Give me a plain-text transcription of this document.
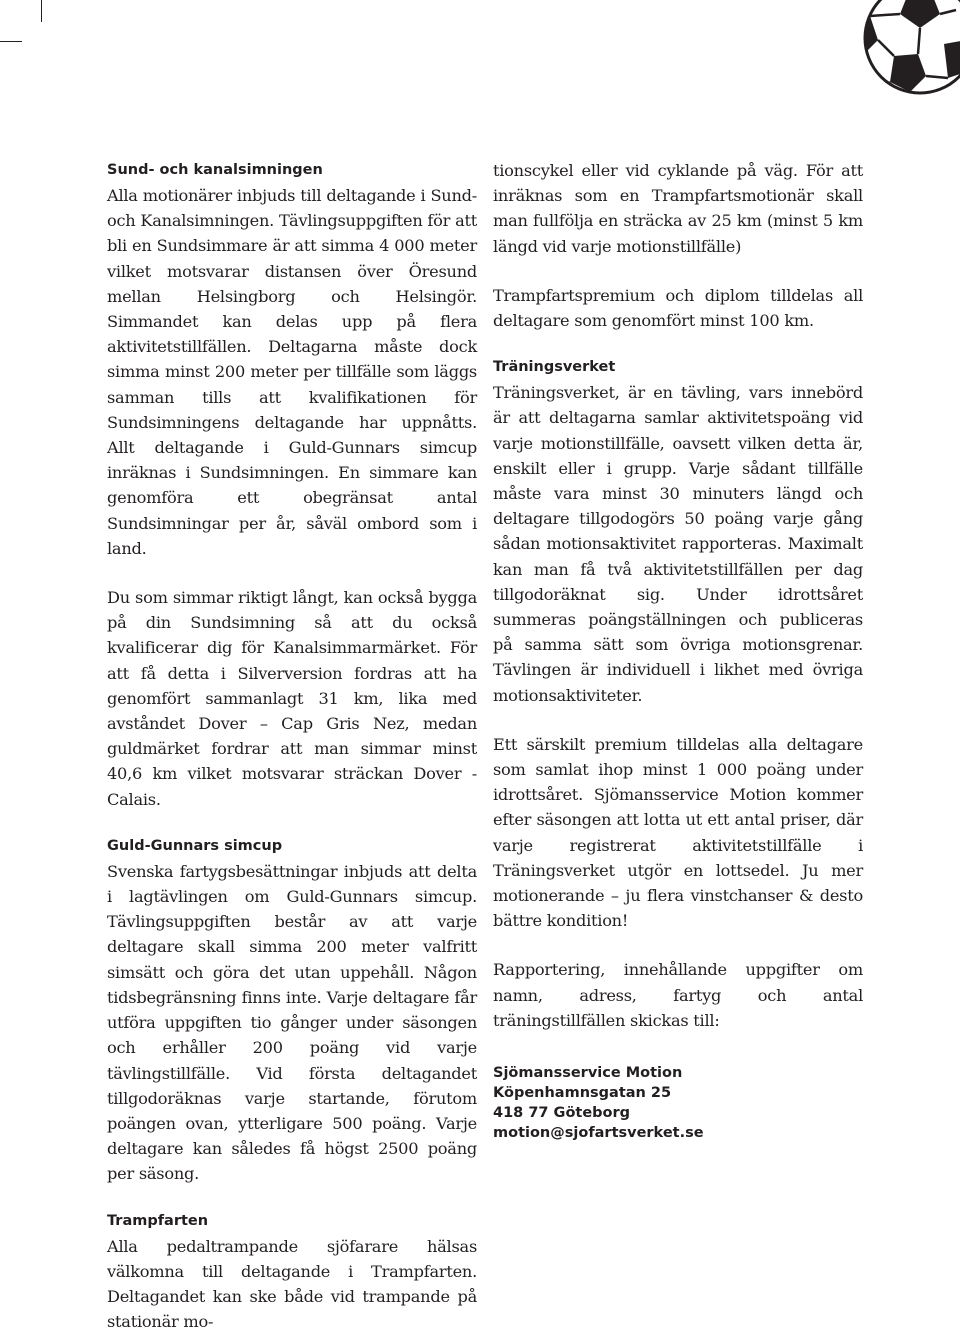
Sund- och kanalsimningen

Alla motionärer inbjuds till deltagande i Sund- och Kanalsimningen. Tävlingsuppgiften för att bli en Sundsimmare är att simma 4 000 meter vilket motsvarar distansen över Öresund mellan Helsingborg och Helsingör. Simmandet kan delas upp på flera aktivitetstillfällen. Deltagarna måste dock simma minst 200 meter per tillfälle som läggs samman tills att kvalifikationen för Sundsimningens deltagande har uppnåtts. Allt deltagande i Guld-Gunnars simcup inräknas i Sundsimningen. En simmare kan genomföra ett obegränsat antal Sundsimningar per år, såväl ombord som i land.

Du som simmar riktigt långt, kan också bygga på din Sundsimning så att du också kvalificerar dig för Kanalsimmarmärket. För att få detta i Silverversion fordras att ha genomfört sammanlagt 31 km, lika med avståndet Dover – Cap Gris Nez, medan guldmärket fordrar att man simmar minst 40,6 km vilket motsvarar sträckan Dover - Calais.

Guld-Gunnars simcup

Svenska fartygsbesättningar inbjuds att delta i lagtävlingen om Guld-Gunnars simcup. Tävlingsuppgiften består av att varje deltagare skall simma 200 meter valfritt simsätt och göra det utan uppehåll. Någon tidsbegränsning finns inte. Varje deltagare får utföra uppgiften tio gånger under säsongen och erhåller 200 poäng vid varje tävlingstillfälle. Vid första deltagandet tillgodoräknas varje startande, förutom poängen ovan, ytterligare 500 poäng. Varje deltagare kan således få högst 2500 poäng per säsong.

Trampfarten

Alla pedaltrampande sjöfarare hälsas välkomna till deltagande i Trampfarten. Deltagandet kan ske både vid trampande på stationär mo -

tionscykel eller vid cyklande på väg. För att inräknas som en Trampfartsmotionär skall man fullfölja en sträcka av 25 km (minst 5 km längd vid varje motionstillfälle)

Trampfartspremium och diplom tilldelas all deltagare som genomfört minst 100 km.

Träningsverket

Träningsverket, är en tävling, vars innebörd är att deltagarna samlar aktivitetspoäng vid varje motionstillfälle, oavsett vilken detta är, enskilt eller i grupp. Varje sådant tillfälle måste vara minst 30 minuters längd och deltagare tillgodogörs 50 poäng varje gång sådan motionsaktivitet rapporteras. Maximalt kan man få två aktivitetstillfällen per dag tillgodoräknat sig. Under idrottsåret summeras poängställningen och publiceras på samma sätt som övriga motionsgrenar. Tävlingen är individuell i likhet med övriga motionsaktiviteter.

Ett särskilt premium tilldelas alla deltagare som samlat ihop minst 1 000 poäng under idrottsåret. Sjömansservice Motion kommer efter säsongen att lotta ut ett antal priser, där varje registrerat aktivitetstillfälle i Träningsverket utgör en lottsedel. Ju mer motionerande – ju flera vinstchanser & desto bättre kondition!

Rapportering, innehållande uppgifter om namn, adress, fartyg och antal träningstillfällen skickas till:

Sjömansservice Motion
Köpenhamnsgatan 25
418 77 Göteborg
motion@sjofartsverket.se
